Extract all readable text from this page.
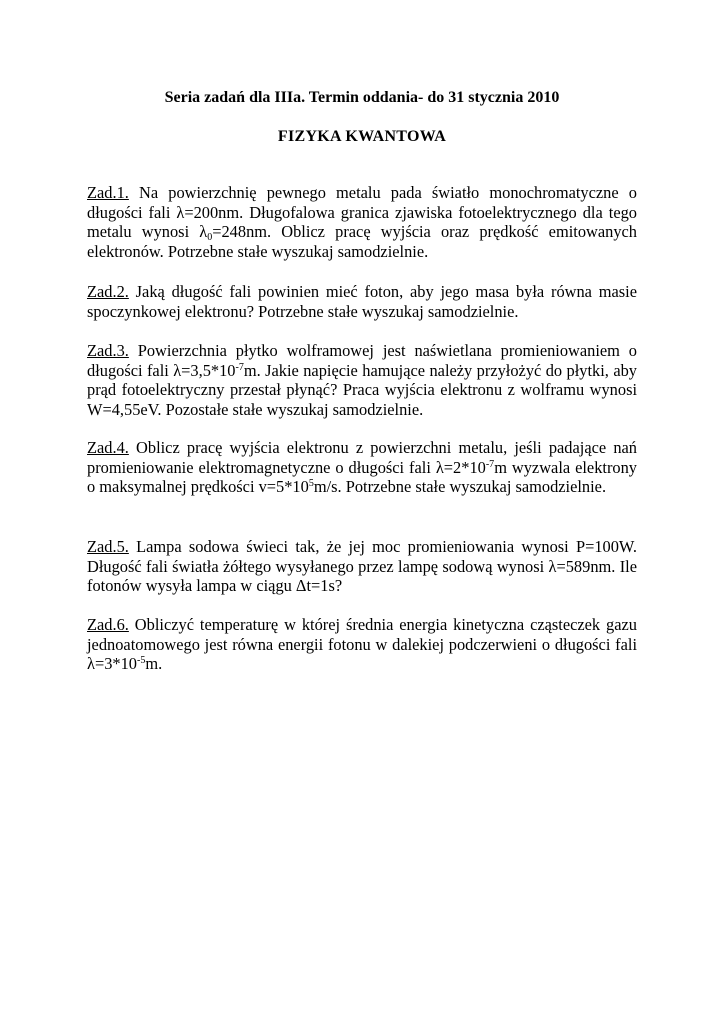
Seria zadań dla IIIa. Termin oddania- do 31 stycznia 2010
FIZYKA KWANTOWA
Zad.1. Na powierzchnię pewnego metalu pada światło monochromatyczne o długości fali λ=200nm. Długofalowa granica zjawiska fotoelektrycznego dla tego metalu wynosi $\lambda_0=248nm$. Oblicz pracę wyjścia oraz prędkość emitowanych elektronów. Potrzebne stałe wyszukaj samodzielnie.
Zad.2. Jaką długość fali powinien mieć foton, aby jego masa była równa masie spoczynkowej elektronu? Potrzebne stałe wyszukaj samodzielnie.
Zad.3. Powierzchnia płytko wolframowej jest naświetlana promieniowaniem o długości fali $\lambda=3,5*10^{-7}m$. Jakie napięcie hamujące należy przyłożyć do płytki, aby prąd fotoelektryczny przestał płynąć? Praca wyjścia elektronu z wolframu wynosi W=4,55eV. Pozostałe stałe wyszukaj samodzielnie.
Zad.4. Oblicz pracę wyjścia elektronu z powierzchni metalu, jeśli padające nań promieniowanie elektromagnetyczne o długości fali $\lambda=2*10^{-7}m$ wyzwala elektrony o maksymalnej prędkości $v=5*10^5m/s$. Potrzebne stałe wyszukaj samodzielnie.
Zad.5. Lampa sodowa świeci tak, że jej moc promieniowania wynosi P=100W. Długość fali światła żółtego wysyłanego przez lampę sodową wynosi λ=589nm. Ile fotonów wysyła lampa w ciągu Δt=1s?
Zad.6. Obliczyć temperaturę w której średnia energia kinetyczna cząsteczek gazu jednoatomowego jest równa energii fotonu w dalekiej podczerwieni o długości fali $\lambda=3*10^{-5}m$.
